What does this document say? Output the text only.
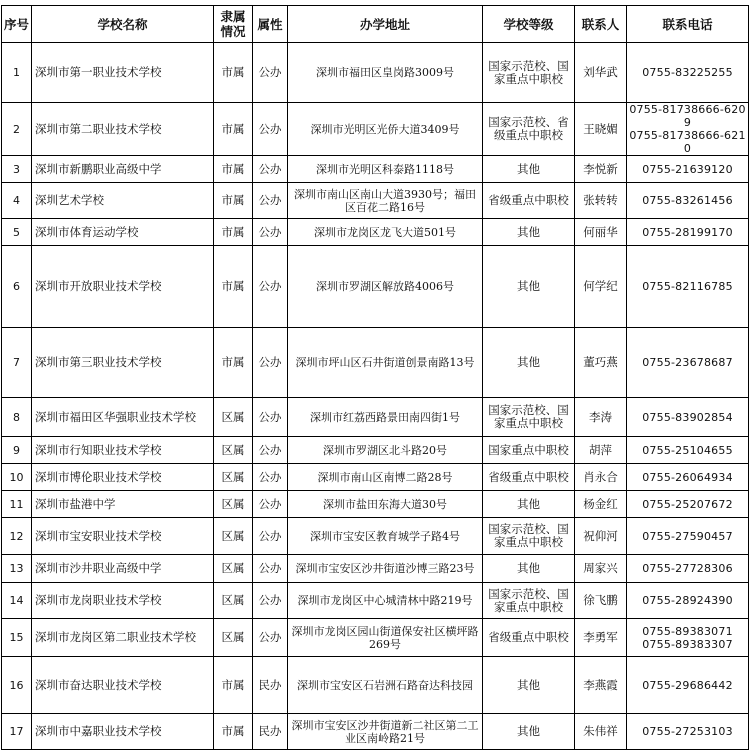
序号	学校名称	隶属情况	属性	办学地址	学校等级	联系人	联系电话
1	深圳市第一职业技术学校	市属	公办	深圳市福田区皇岗路3009号	国家示范校、国家重点中职校	刘华武	0755-83225255
2	深圳市第二职业技术学校	市属	公办	深圳市光明区光侨大道3409号	国家示范校、省级重点中职校	王晓媚	0755-81738666-6209
0755-81738666-6210

3	深圳市新鹏职业高级中学	市属	公办	深圳市光明区科泰路1118号	其他	李悦新	0755-21639120
4	深圳艺术学校	市属	公办	深圳市南山区南山大道3930号；福田区百花二路16号	省级重点中职校	张转转	0755-83261456
5	深圳市体育运动学校	市属	公办	深圳市龙岗区龙飞大道501号	其他	何丽华	0755-28199170
6	深圳市开放职业技术学校	市属	公办	深圳市罗湖区解放路4006号	其他	何学纪	0755-82116785
7	深圳市第三职业技术学校	市属	公办	深圳市坪山区石井街道创景南路13号	其他	董巧燕	0755-23678687
8	深圳市福田区华强职业技术学校	区属	公办	深圳市红荔西路景田南四街1号	国家示范校、国家重点中职校	李涛	0755-83902854
9	深圳市行知职业技术学校	区属	公办	深圳市罗湖区北斗路20号	国家重点中职校	胡萍	0755-25104655
10	深圳市博伦职业技术学校	区属	公办	深圳市南山区南博二路28号	省级重点中职校	肖永合	0755-26064934
11	深圳市盐港中学	区属	公办	深圳市盐田东海大道30号	其他	杨金红	0755-25207672
12	深圳市宝安职业技术学校	区属	公办	深圳市宝安区教育城学子路4号	国家示范校、国家重点中职校	祝仰河	0755-27590457
13	深圳市沙井职业高级中学	区属	公办	深圳市宝安区沙井街道沙博三路23号	其他	周家兴	0755-27728306
14	深圳市龙岗职业技术学校	区属	公办	深圳市龙岗区中心城清林中路219号	国家示范校、国家重点中职校	徐飞鹏	0755-28924390
15	深圳市龙岗区第二职业技术学校	区属	公办	深圳市龙岗区园山街道保安社区横坪路269号	省级重点中职校	李勇军	0755-89383071
0755-89383307

16	深圳市奋达职业技术学校	市属	民办	深圳市宝安区石岩洲石路奋达科技园	其他	李燕霞	0755-29686442
17	深圳市中嘉职业技术学校	市属	民办	深圳市宝安区沙井街道新二社区第二工业区南岭路21号	其他	朱伟祥	0755-27253103
